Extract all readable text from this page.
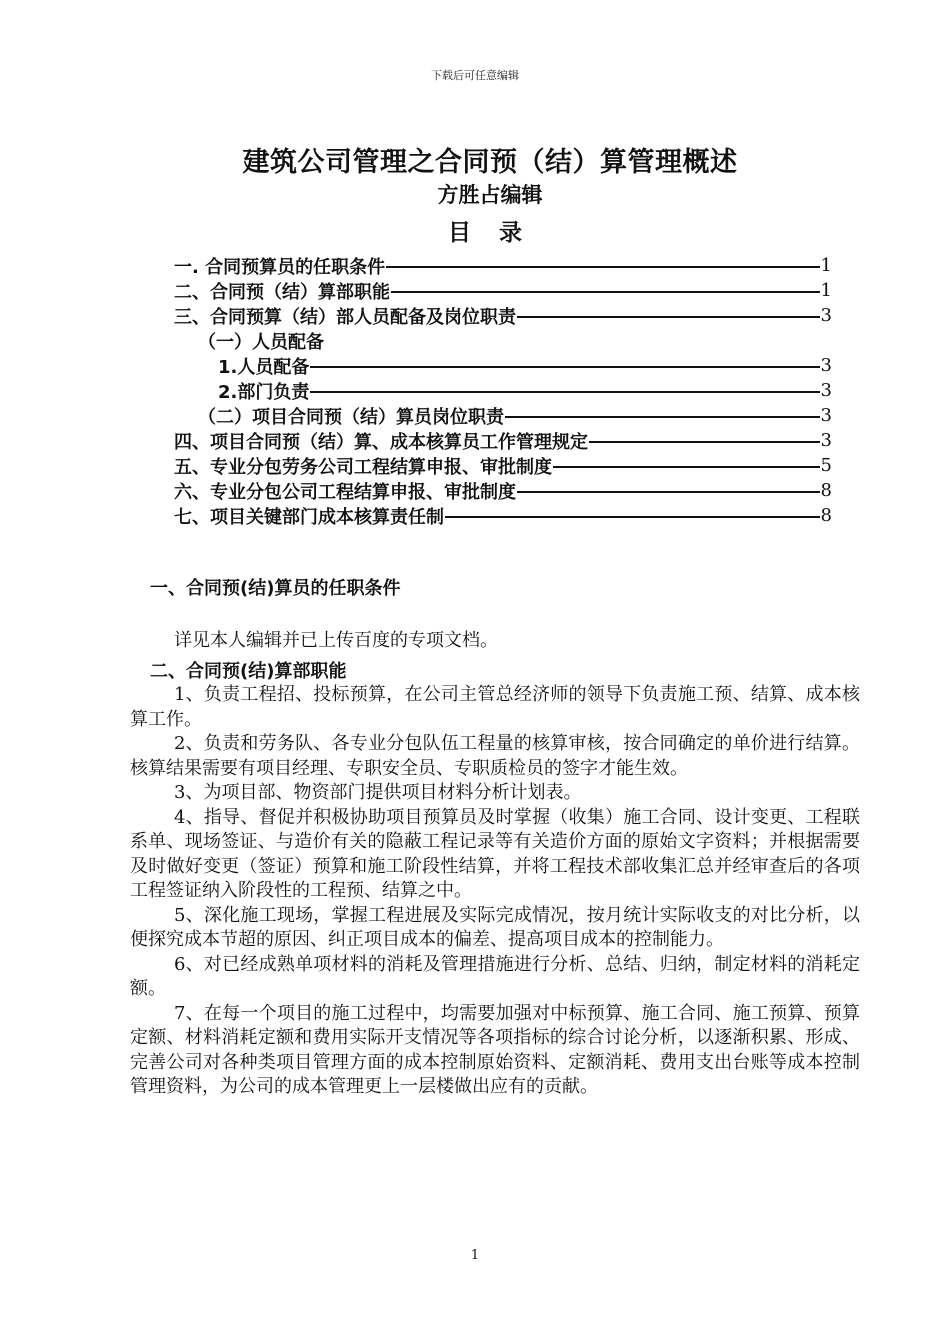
下载后可任意编辑
建筑公司管理之合同预（结）算管理概述
方胜占编辑
目 录
一. 合同预算员的任职条件	1
二、合同预（结）算部职能	1
三、合同预算（结）部人员配备及岗位职责	3
（一）人员配备
1.人员配备	3
2.部门负责	3
（二）项目合同预（结）算员岗位职责	3
四、项目合同预（结）算、成本核算员工作管理规定	3
五、专业分包劳务公司工程结算申报、审批制度	5
六、专业分包公司工程结算申报、审批制度	8
七、项目关键部门成本核算责任制	8
一、合同预(结)算员的任职条件
详见本人编辑并已上传百度的专项文档。
二、合同预(结)算部职能

1、负责工程招、投标预算，在公司主管总经济师的领导下负责施工预、结算、成本核算工作。

2、负责和劳务队、各专业分包队伍工程量的核算审核，按合同确定的单价进行结算。核算结果需要有项目经理、专职安全员、专职质检员的签字才能生效。

3、为项目部、物资部门提供项目材料分析计划表。

4、指导、督促并积极协助项目预算员及时掌握（收集）施工合同、设计变更、工程联系单、现场签证、与造价有关的隐蔽工程记录等有关造价方面的原始文字资料；并根据需要及时做好变更（签证）预算和施工阶段性结算，并将工程技术部收集汇总并经审查后的各项工程签证纳入阶段性的工程预、结算之中。

5、深化施工现场，掌握工程进展及实际完成情况，按月统计实际收支的对比分析，以便探究成本节超的原因、纠正项目成本的偏差、提高项目成本的控制能力。

6、对已经成熟单项材料的消耗及管理措施进行分析、总结、归纳，制定材料的消耗定额。

7、在每一个项目的施工过程中，均需要加强对中标预算、施工合同、施工预算、预算定额、材料消耗定额和费用实际开支情况等各项指标的综合讨论分析，以逐渐积累、形成、完善公司对各种类项目管理方面的成本控制原始资料、定额消耗、费用支出台账等成本控制管理资料，为公司的成本管理更上一层楼做出应有的贡献。

1
